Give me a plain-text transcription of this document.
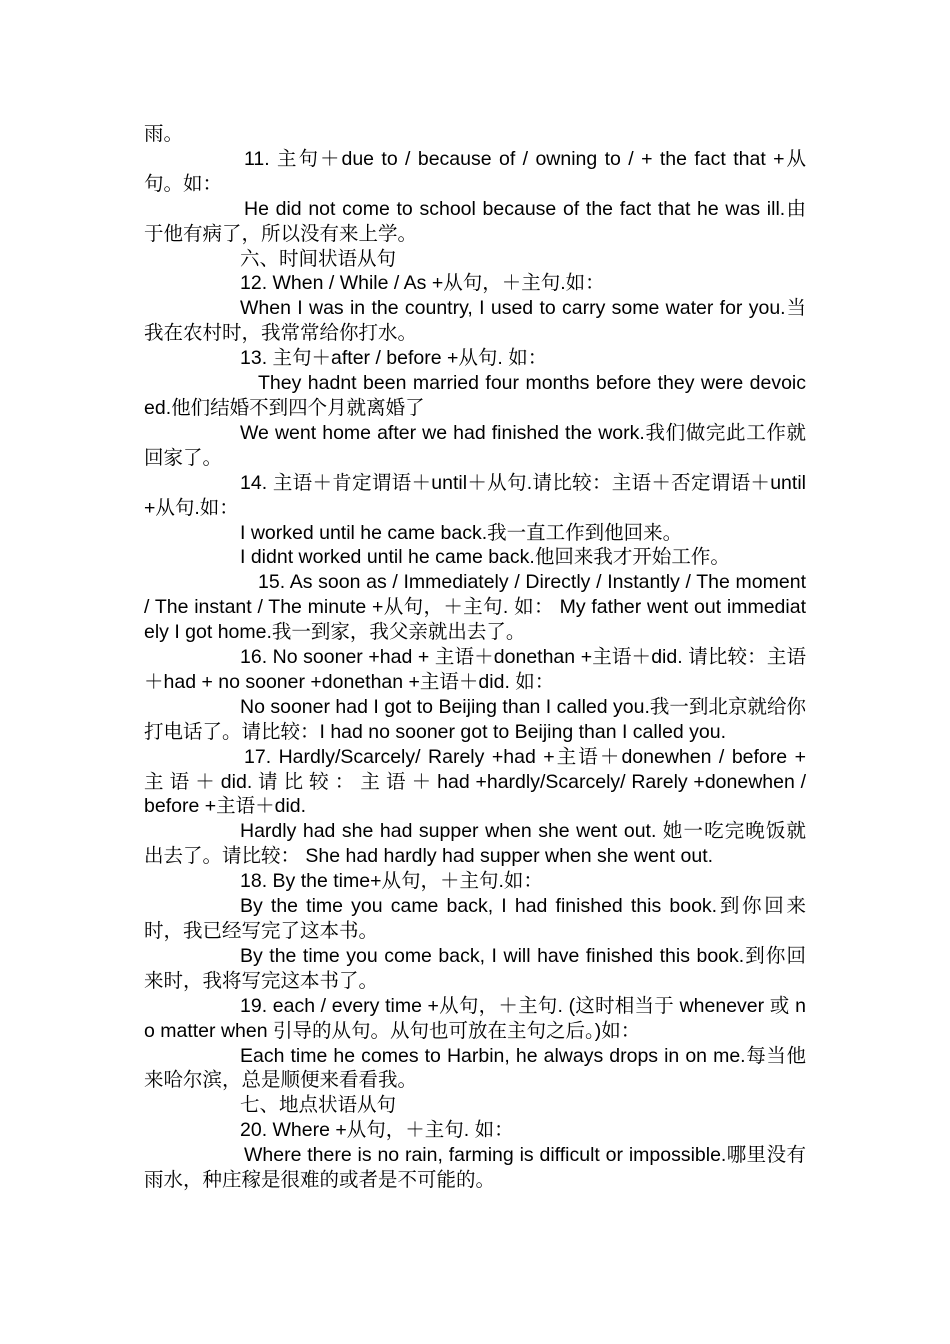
雨。

11. 主句＋due to / because of / owning to / + the fact that +从句。如：

He did not come to school because of the fact that he was ill.由于他有病了，所以没有来上学。

六、时间状语从句

12. When / While / As +从句，＋主句.如：

When I was in the country, I used to carry some water for you.当我在农村时，我常常给你打水。

13. 主句＋after / before +从句. 如：

They hadnt been married four months before they were devoiced.他们结婚不到四个月就离婚了

We went home after we had finished the work.我们做完此工作就回家了。

14. 主语＋肯定谓语＋until＋从句.请比较：主语＋否定谓语＋until+从句.如：

I worked until he came back.我一直工作到他回来。

I didnt worked until he came back.他回来我才开始工作。

15. As soon as / Immediately / Directly / Instantly / The moment / The instant / The minute +从句，＋主句. 如： My father went out immediately I got home.我一到家，我父亲就出去了。

16. No sooner +had + 主语＋donethan +主语＋did. 请比较：主语＋had + no sooner +donethan +主语＋did. 如：

No sooner had I got to Beijing than I called you.我一到北京就给你打电话了。请比较：I had no sooner got to Beijing than I called you.

17. Hardly/Scarcely/ Rarely +had +主语＋donewhen / before + 主 语 ＋ did. 请 比 较 ： 主 语 ＋ had +hardly/Scarcely/ Rarely +donewhen / before +主语＋did.

Hardly had she had supper when she went out. 她一吃完晚饭就出去了。请比较： She had hardly had supper when she went out.

18. By the time+从句，＋主句.如：

By the time you came back, I had finished this book.到你回来时，我已经写完了这本书。

By the time you come back, I will have finished this book.到你回来时，我将写完这本书了。

19. each / every time +从句，＋主句. (这时相当于 whenever 或 no matter when 引导的从句。从句也可放在主句之后。)如：

Each time he comes to Harbin, he always drops in on me.每当他来哈尔滨，总是顺便来看看我。

七、地点状语从句

20. Where +从句，＋主句. 如：

Where there is no rain, farming is difficult or impossible.哪里没有雨水，种庄稼是很难的或者是不可能的。
